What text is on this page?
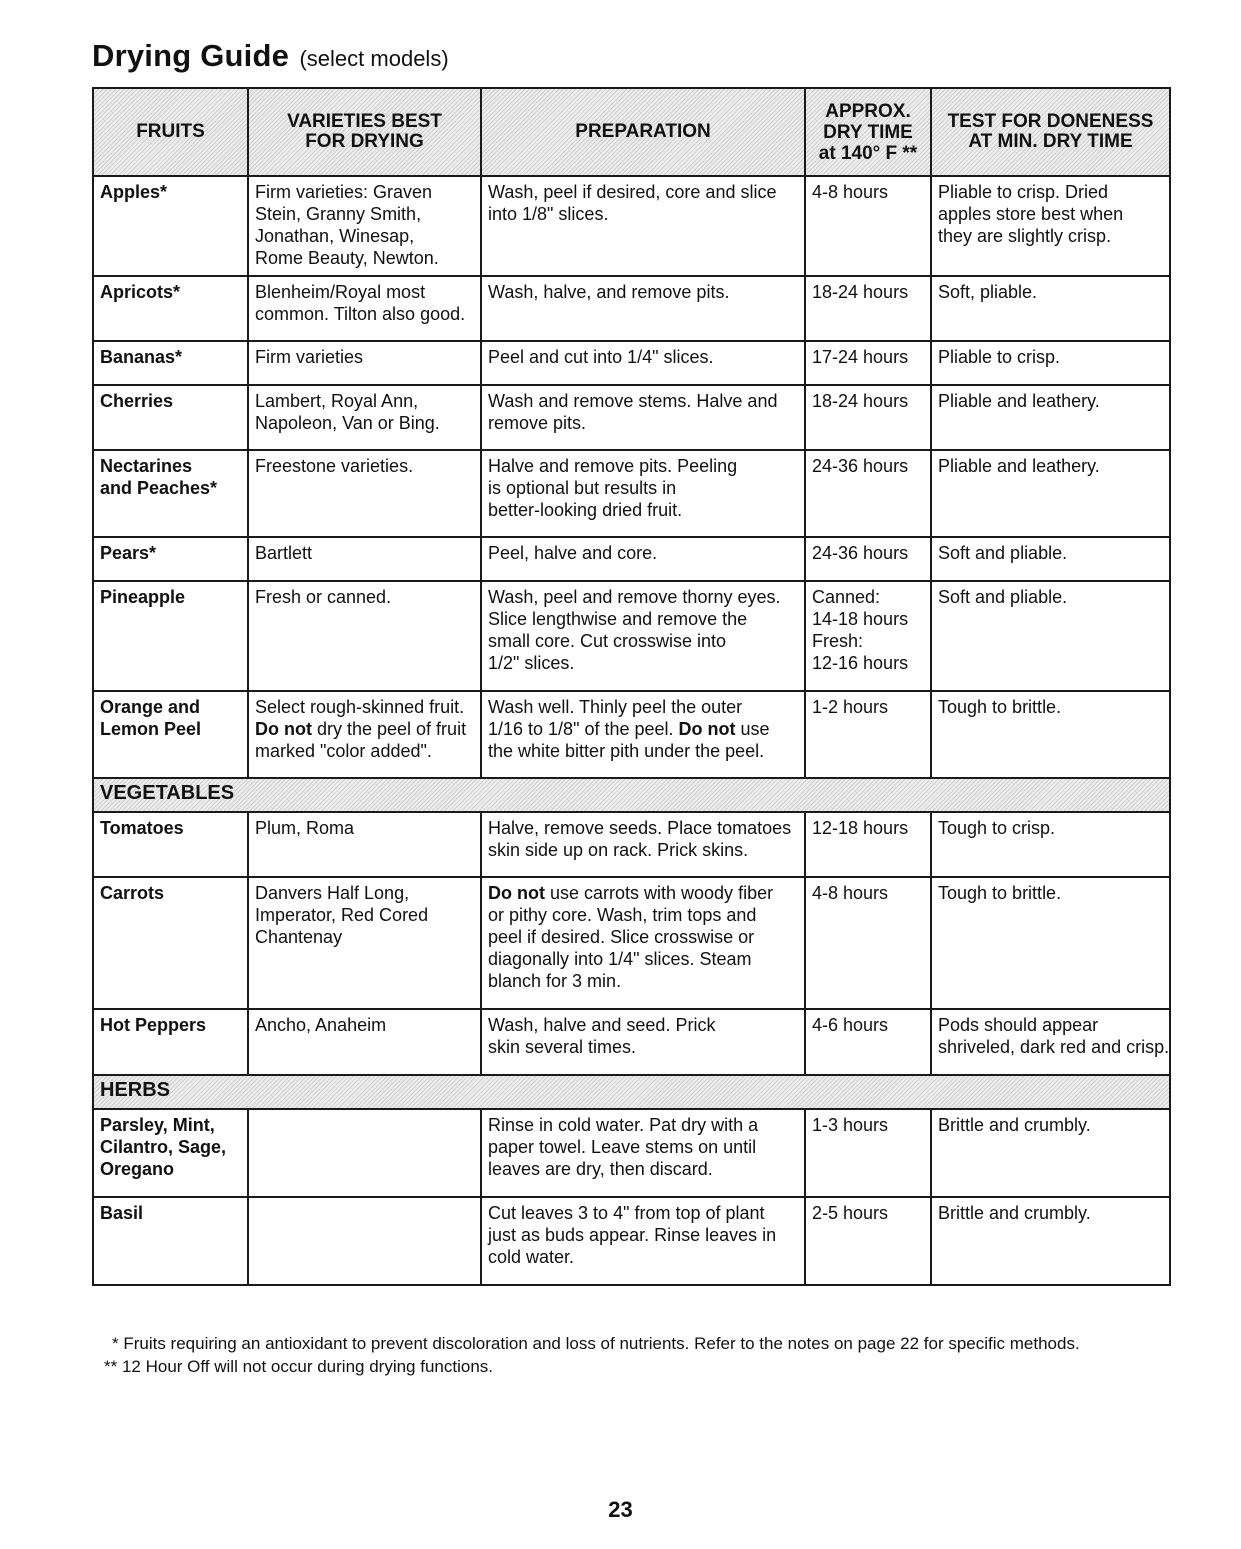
Drying Guide (select models)
FRUITS	VARIETIES BEST
FOR DRYING	PREPARATION	APPROX.
DRY TIME
at 140° F **	TEST FOR DONENESS
AT MIN. DRY TIME

Apples*	Firm varieties: Graven
Stein, Granny Smith,
Jonathan, Winesap,
Rome Beauty, Newton.	Wash, peel if desired, core and slice
into 1/8" slices.	4-8 hours	Pliable to crisp. Dried
apples store best when
they are slightly crisp.

Apricots*	Blenheim/Royal most
common. Tilton also good.	Wash, halve, and remove pits.	18-24 hours	Soft, pliable.

Bananas*	Firm varieties	Peel and cut into 1/4" slices.	17-24 hours	Pliable to crisp.

Cherries	Lambert, Royal Ann,
Napoleon, Van or Bing.	Wash and remove stems. Halve and
remove pits.	18-24 hours	Pliable and leathery.

Nectarines
and Peaches*	Freestone varieties.	Halve and remove pits. Peeling
is optional but results in
better-looking dried fruit.	24-36 hours	Pliable and leathery.

Pears*	Bartlett	Peel, halve and core.	24-36 hours	Soft and pliable.

Pineapple	Fresh or canned.	Wash, peel and remove thorny eyes.
Slice lengthwise and remove the
small core. Cut crosswise into
1/2" slices.	Canned:
14-18 hours
Fresh:
12-16 hours	Soft and pliable.

Orange and
Lemon Peel	Select rough-skinned fruit.
Do not dry the peel of fruit
marked "color added".	Wash well. Thinly peel the outer
1/16 to 1/8" of the peel. Do not use
the white bitter pith under the peel.	1-2 hours	Tough to brittle.

VEGETABLES				

Tomatoes	Plum, Roma	Halve, remove seeds. Place tomatoes
skin side up on rack. Prick skins.	12-18 hours	Tough to crisp.

Carrots	Danvers Half Long,
Imperator, Red Cored
Chantenay	Do not use carrots with woody fiber
or pithy core. Wash, trim tops and
peel if desired. Slice crosswise or
diagonally into 1/4" slices. Steam
blanch for 3 min.	4-8 hours	Tough to brittle.

Hot Peppers	Ancho, Anaheim	Wash, halve and seed. Prick
skin several times.	4-6 hours	Pods should appear
shriveled, dark red and crisp.

HERBS				

Parsley, Mint,
Cilantro, Sage,
Oregano		Rinse in cold water. Pat dry with a
paper towel. Leave stems on until
leaves are dry, then discard.	1-3 hours	Brittle and crumbly.

Basil		Cut leaves 3 to 4" from top of plant
just as buds appear. Rinse leaves in
cold water.	2-5 hours	Brittle and crumbly.
* Fruits requiring an antioxidant to prevent discoloration and loss of nutrients. Refer to the notes on page 22 for specific methods.
** 12 Hour Off will not occur during drying functions.
23
